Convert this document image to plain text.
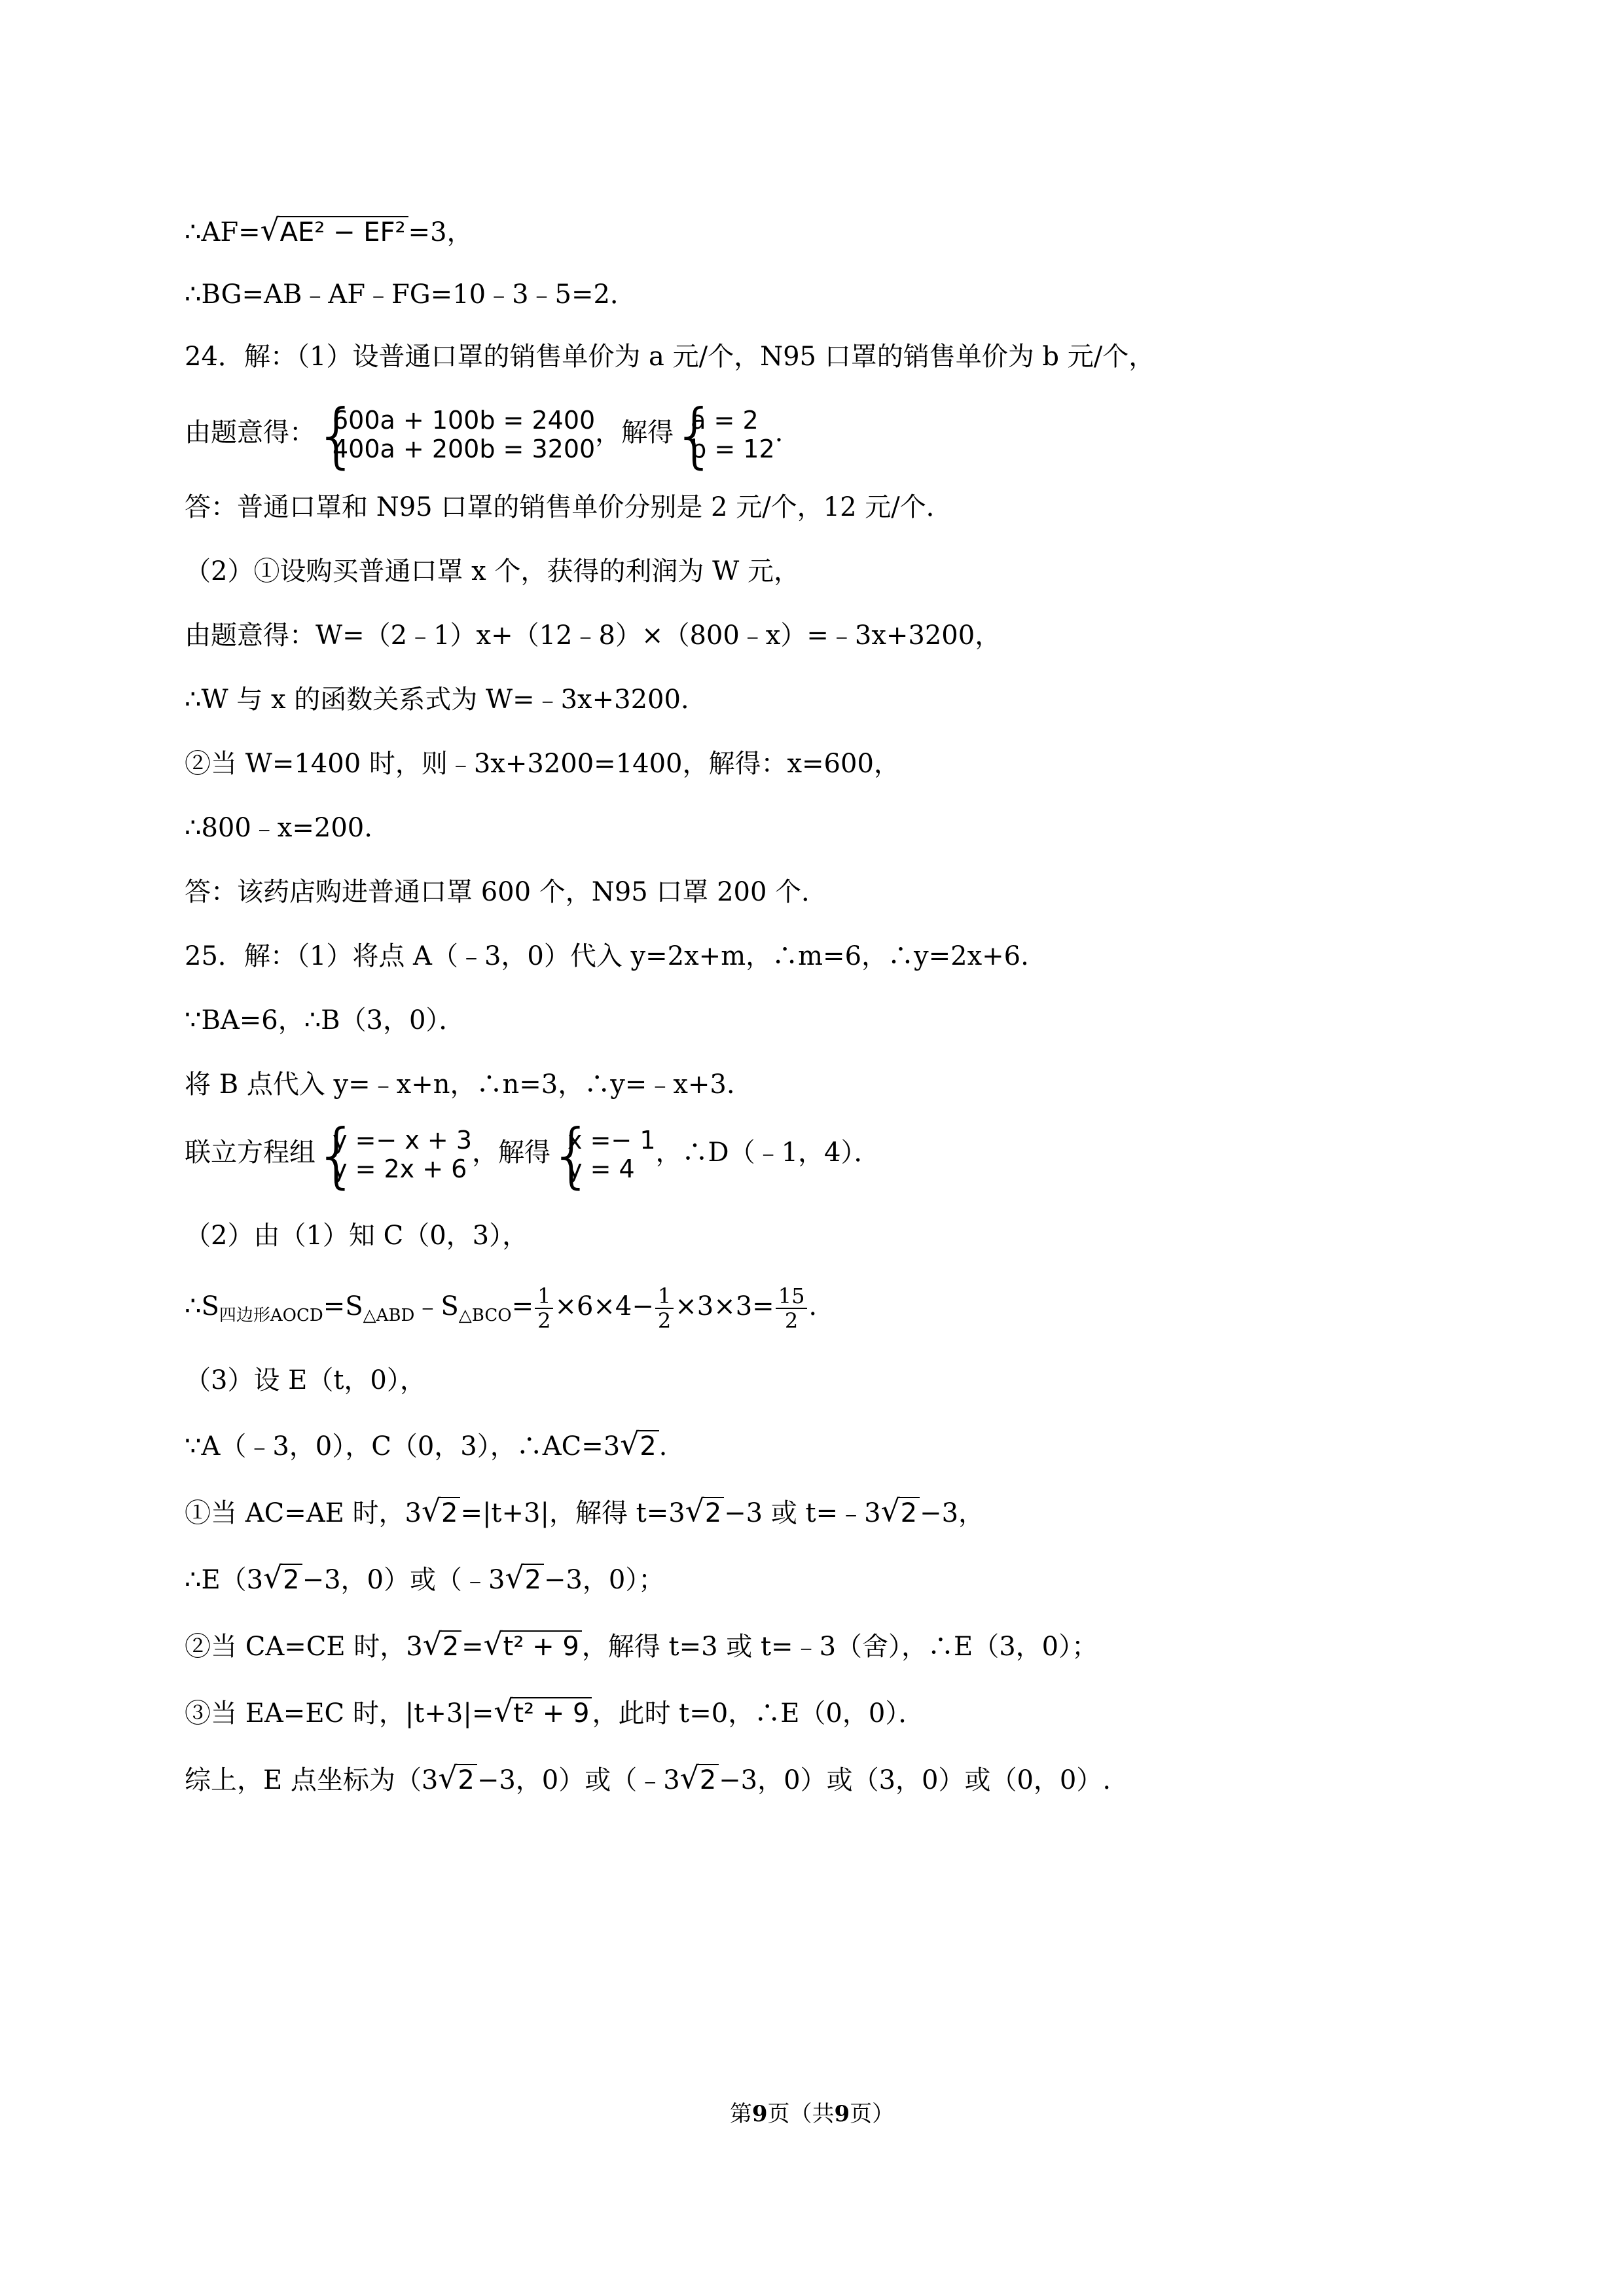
∴AF= √ AE² − EF² =3，
∴BG=AB﹣AF﹣FG=10﹣3﹣5=2．
24．解：（1）设普通口罩的销售单价为 a 元/个，N95 口罩的销售单价为 b 元/个，
由题意得： { 600a + 100b = 2400
400a + 200b = 3200
，解得 { a = 2
b = 12
.
答：普通口罩和 N95 口罩的销售单价分别是 2 元/个，12 元/个．
（2）①设购买普通口罩 x 个，获得的利润为 W 元，
由题意得：W=（2﹣1）x+（12﹣8）×（800﹣x）=﹣3x+3200，
∴W 与 x 的函数关系式为 W=﹣3x+3200.
②当 W=1400 时，则﹣3x+3200=1400，解得：x=600，
∴800﹣x=200.
答：该药店购进普通口罩 600 个，N95 口罩 200 个．
25．解：（1）将点 A（﹣3，0）代入 y=2x+m，∴m=6，∴y=2x+6.
∵BA=6，∴B（3，0）．
将 B 点代入 y=﹣x+n，∴n=3，∴y=﹣x+3.
联立方程组 { y =− x + 3
y = 2x + 6
，解得 { x =− 1
y = 4
，∴D（﹣1，4）．
（2）由（1）知 C（0，3），
$\therefore S_{四边形AOCD}=S_{\triangle ABD}﹣S_{\triangle BCO}= \frac{1}{2} \times 6\times 4- \frac{1}{2} \times 3\times 3= \frac{15}{2}$ .
（3）设 E（t，0），
∵A（﹣3，0），C（0，3），∴AC=3 √ 2 .
①当 AC=AE 时，3 √ 2 =|t+3|，解得 t=3 √ 2 −3 或 t=﹣3 √ 2 −3，
∴E（3 √ 2 −3，0）或（﹣3 √ 2 −3，0）；
②当 CA=CE 时，3 √ 2 = √ t² + 9 ，解得 t=3 或 t=﹣3（舍），∴E（3，0）；
③当 EA=EC 时，|t+3|= √ t² + 9 ，此时 t=0，∴E（0，0）．
综上，E 点坐标为（3 √ 2 −3，0）或（﹣3 √ 2 −3，0）或（3，0）或（0，0）.
第9页（共9页）
